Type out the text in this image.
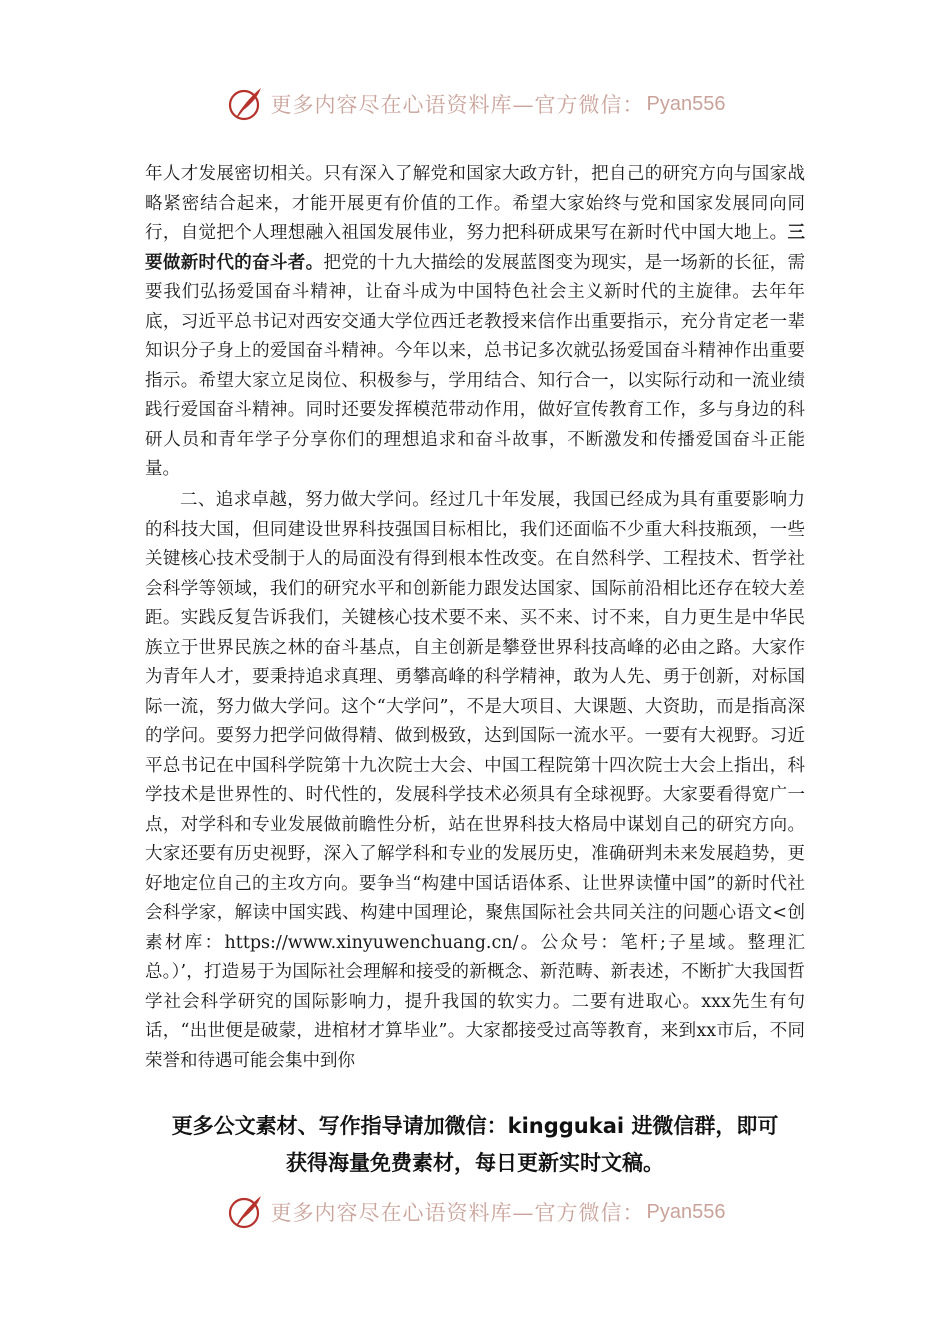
更多内容尽在心语资料库—官方微信： Pyan556

年人才发展密切相关。只有深入了解党和国家大政方针，把自己的研究方向与国家战略紧密结合起来，才能开展更有价值的工作。希望大家始终与党和国家发展同向同行，自觉把个人理想融入祖国发展伟业，努力把科研成果写在新时代中国大地上。三要做新时代的奋斗者。把党的十九大描绘的发展蓝图变为现实，是一场新的长征，需要我们弘扬爱国奋斗精神，让奋斗成为中国特色社会主义新时代的主旋律。去年年底，习近平总书记对西安交通大学位西迁老教授来信作出重要指示，充分肯定老一辈知识分子身上的爱国奋斗精神。今年以来，总书记多次就弘扬爱国奋斗精神作出重要指示。希望大家立足岗位、积极参与，学用结合、知行合一，以实际行动和一流业绩践行爱国奋斗精神。同时还要发挥模范带动作用，做好宣传教育工作，多与身边的科研人员和青年学子分享你们的理想追求和奋斗故事，不断激发和传播爱国奋斗正能量。

二、追求卓越，努力做大学问。经过几十年发展，我国已经成为具有重要影响力的科技大国，但同建设世界科技强国目标相比，我们还面临不少重大科技瓶颈，一些关键核心技术受制于人的局面没有得到根本性改变。在自然科学、工程技术、哲学社会科学等领域，我们的研究水平和创新能力跟发达国家、国际前沿相比还存在较大差距。实践反复告诉我们，关键核心技术要不来、买不来、讨不来，自力更生是中华民族立于世界民族之林的奋斗基点，自主创新是攀登世界科技高峰的必由之路。大家作为青年人才，要秉持追求真理、勇攀高峰的科学精神，敢为人先、勇于创新，对标国际一流，努力做大学问。这个“大学问”，不是大项目、大课题、大资助，而是指高深的学问。要努力把学问做得精、做到极致，达到国际一流水平。一要有大视野。习近平总书记在中国科学院第十九次院士大会、中国工程院第十四次院士大会上指出，科学技术是世界性的、时代性的，发展科学技术必须具有全球视野。大家要看得宽广一点，对学科和专业发展做前瞻性分析，站在世界科技大格局中谋划自己的研究方向。大家还要有历史视野，深入了解学科和专业的发展历史，准确研判未来发展趋势，更好地定位自己的主攻方向。要争当“构建中国话语体系、让世界读懂中国”的新时代社会科学家，解读中国实践、构建中国理论，聚焦国际社会共同关注的问题心语文<创素材库：https://www.xinyuwenchuang.cn/。公众号：笔杆;子星域。整理汇总。）’，打造易于为国际社会理解和接受的新概念、新范畴、新表述，不断扩大我国哲学社会科学研究的国际影响力，提升我国的软实力。二要有进取心。xxx先生有句话，“出世便是破蒙，进棺材才算毕业”。大家都接受过高等教育，来到xx市后，不同荣誉和待遇可能会集中到你

更多公文素材、写作指导请加微信：kinggukai 进微信群，即可
获得海量免费素材，每日更新实时文稿。
更多内容尽在心语资料库—官方微信： Pyan556
